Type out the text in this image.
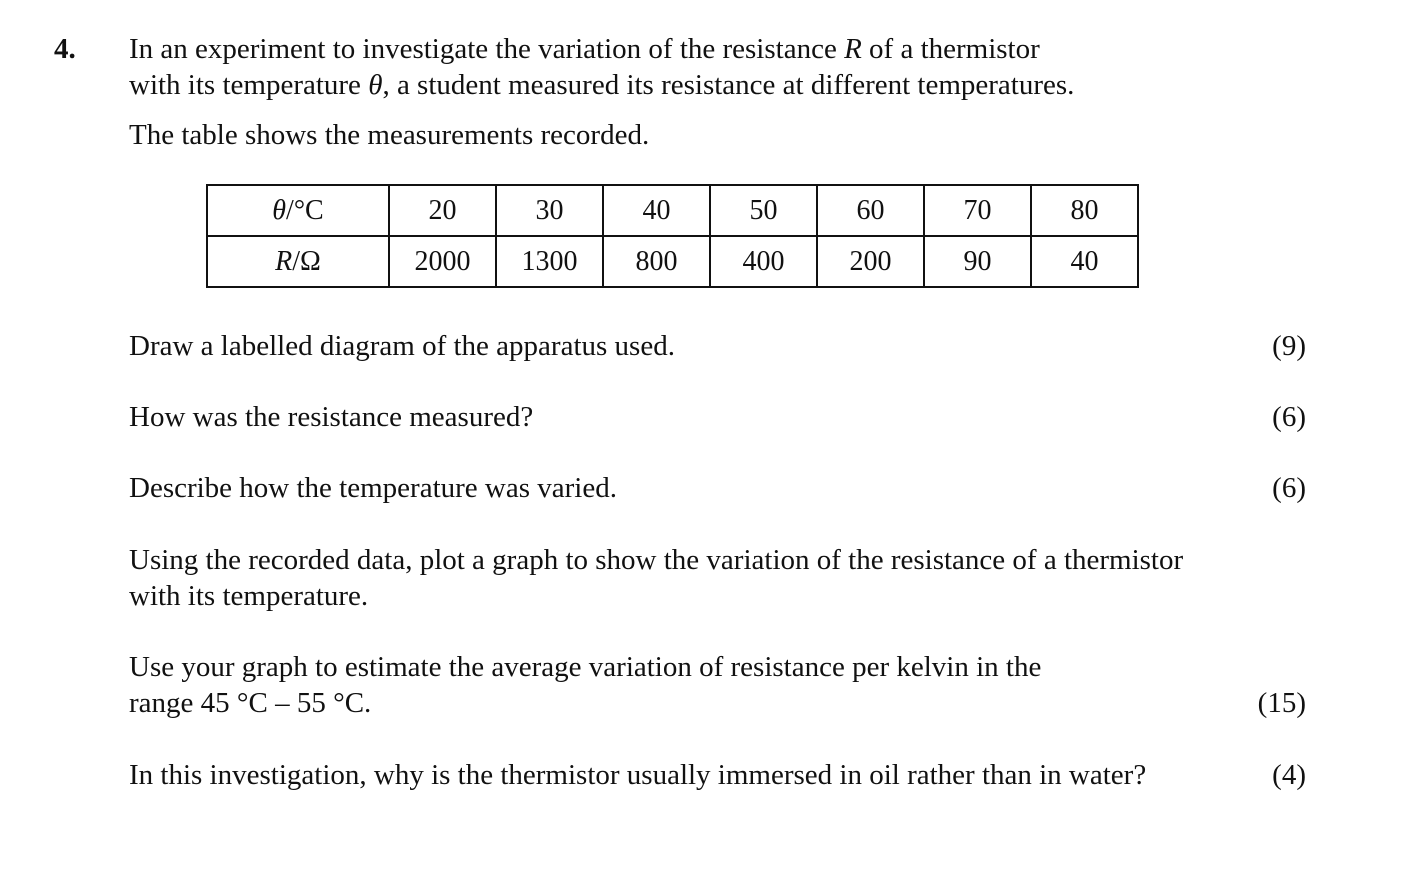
4. In an experiment to investigate the variation of the resistance R of a thermistor
with its temperature θ, a student measured its resistance at different temperatures.
The table shows the measurements recorded.
θ/°C	20	30	40	50	60	70	80
R/Ω	2000	1300	800	400	200	90	40
Draw a labelled diagram of the apparatus used.	(9)
How was the resistance measured?	(6)
Describe how the temperature was varied.	(6)
Using the recorded data, plot a graph to show the variation of the resistance of a thermistor
with its temperature.
Use your graph to estimate the average variation of resistance per kelvin in the
range 45 °C – 55 °C.	(15)
In this investigation, why is the thermistor usually immersed in oil rather than in water?	(4)
